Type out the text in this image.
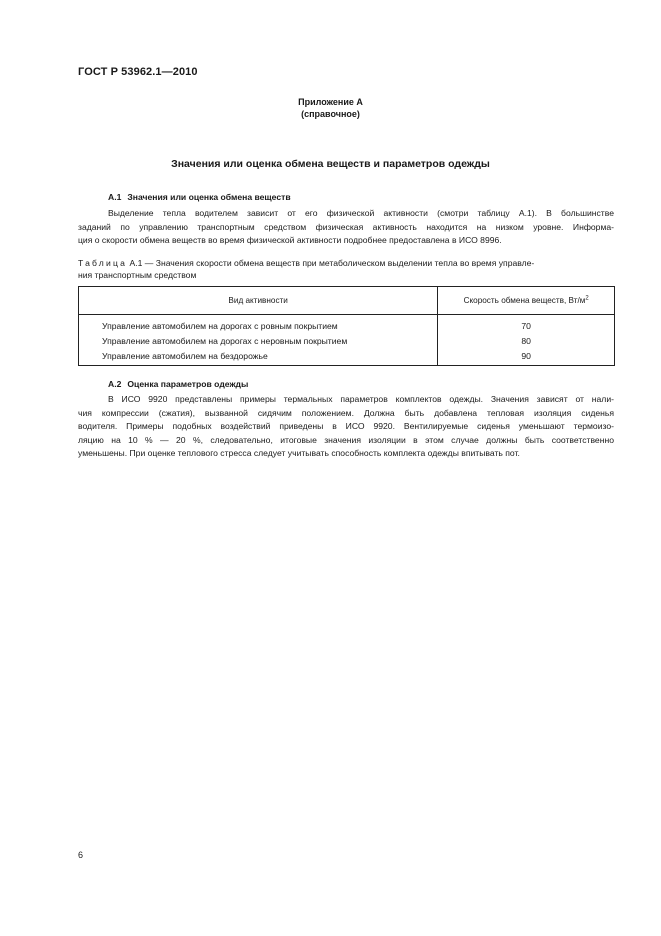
ГОСТ Р 53962.1—2010
Приложение А
(справочное)
Значения или оценка обмена веществ и параметров одежды
А.1 Значения или оценка обмена веществ
Выделение тепла водителем зависит от его физической активности (смотри таблицу А.1). В большинстве
заданий по управлению транспортным средством физическая активность находится на низком уровне. Информа-
ция о скорости обмена веществ во время физической активности подробнее предоставлена в ИСО 8996.
Таблица А.1 — Значения скорости обмена веществ при метаболическом выделении тепла во время управле-
ния транспортным средством
Вид активности	Скорость обмена веществ, $Вт/м^2$
Управление автомобилем на дорогах с ровным покрытием	70
Управление автомобилем на дорогах с неровным покрытием	80
Управление автомобилем на бездорожье	90
А.2 Оценка параметров одежды
В ИСО 9920 представлены примеры термальных параметров комплектов одежды. Значения зависят от нали-
чия компрессии (сжатия), вызванной сидячим положением. Должна быть добавлена тепловая изоляция сиденья
водителя. Примеры подобных воздействий приведены в ИСО 9920. Вентилируемые сиденья уменьшают термоизо-
ляцию на 10 % — 20 %, следовательно, итоговые значения изоляции в этом случае должны быть соответственно
уменьшены. При оценке теплового стресса следует учитывать способность комплекта одежды впитывать пот.
6
